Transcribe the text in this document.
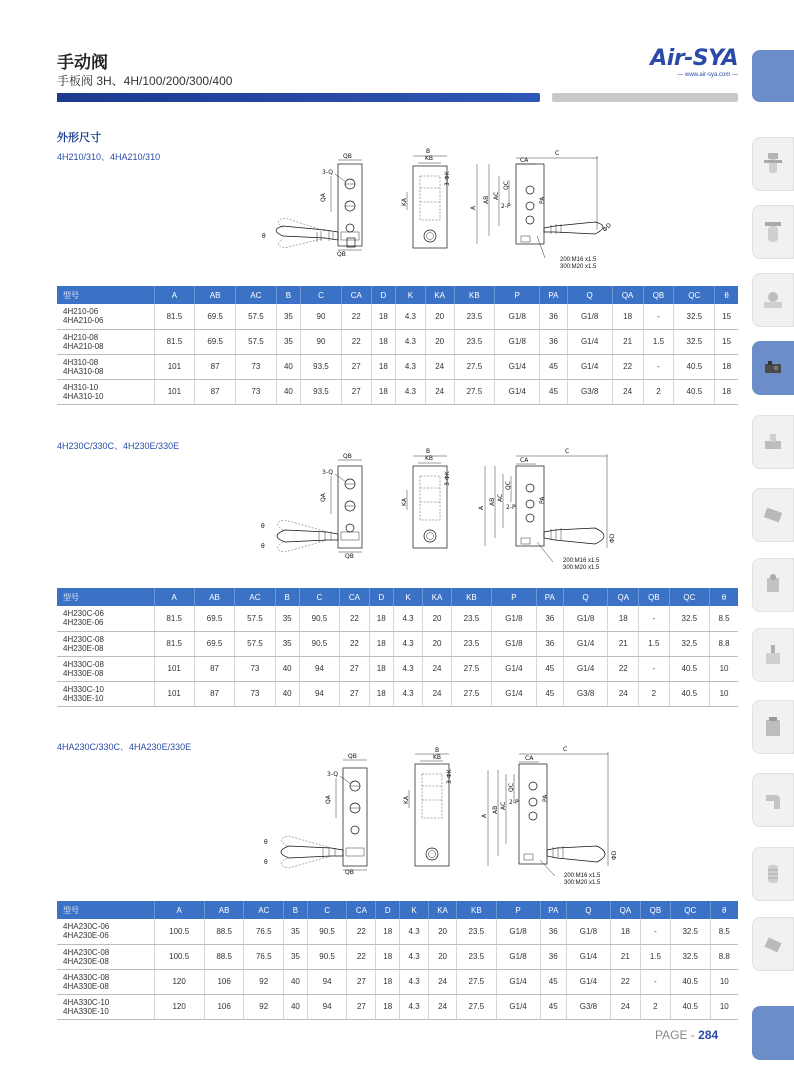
手动阀
手板阀 3H、4H/100/200/300/400
Air-SYA
— www.air-sya.com —
外形尺寸
4H210/310、4HA210/310	QB
3-Q
QA
θ
QB
B
KB
3-ΦK
KA
C
CA
A
AB AC
QC
2-P
PA
ΦD
200:M16 x1.5
300:M20 x1.5
型号	A	AB	AC	B	C	CA	D	K	KA	KB	P	PA	Q	QA	QB	QC	θ

4H210-06
4HA210-06	81.5	69.5	57.5	35	90	22	18	4.3	20	23.5	G1/8	36	G1/8	18	-	32.5	15

4H210-08
4HA210-08	81.5	69.5	57.5	35	90	22	18	4.3	20	23.5	G1/8	36	G1/4	21	1.5	32.5	15

4H310-08
4HA310-08	101	87	73	40	93.5	27	18	4.3	24	27.5	G1/4	45	G1/4	22	-	40.5	18

4H310-10
4HA310-10	101	87	73	40	93.5	27	18	4.3	24	27.5	G1/4	45	G3/8	24	2	40.5	18
4H230C/330C、4H230E/330E
QB
3-Q
QA
θ
θ
QB
B
KB
3-ΦK
KA
C
CA
A
AB AC
QC
2-P
PA
ΦD
200:M16 x1.5
300:M20 x1.5
型号	A	AB	AC	B	C	CA	D	K	KA	KB	P	PA	Q	QA	QB	QC	θ

4H230C-06
4H230E-06	81.5	69.5	57.5	35	90.5	22	18	4.3	20	23.5	G1/8	36	G1/8	18	-	32.5	8.5

4H230C-08
4H230E-08	81.5	69.5	57.5	35	90.5	22	18	4.3	20	23.5	G1/8	36	G1/4	21	1.5	32.5	8.8

4H330C-08
4H330E-08	101	87	73	40	94	27	18	4.3	24	27.5	G1/4	45	G1/4	22	-	40.5	10

4H330C-10
4H330E-10	101	87	73	40	94	27	18	4.3	24	27.5	G1/4	45	G3/8	24	2	40.5	10
4HA230C/330C、4HA230E/330E
QB
3-Q
QA
θ
θ
QB
B
KB
3-ΦK
KA
C
CA
A
AB AC
QC
2-P
PA
ΦD
200:M16 x1.5
300:M20 x1.5
型号	A	AB	AC	B	C	CA	D	K	KA	KB	P	PA	Q	QA	QB	QC	θ

4HA230C-06
4HA230E-06	100.5	88.5	76.5	35	90.5	22	18	4.3	20	23.5	G1/8	36	G1/8	18	-	32.5	8.5

4HA230C-08
4HA230E-08	100.5	88.5	76.5	35	90.5	22	18	4.3	20	23.5	G1/8	36	G1/4	21	1.5	32.5	8.8

4HA330C-08
4HA330E-08	120	106	92	40	94	27	18	4.3	24	27.5	G1/4	45	G1/4	22	-	40.5	10

4HA330C-10
4HA330E-10	120	106	92	40	94	27	18	4.3	24	27.5	G1/4	45	G3/8	24	2	40.5	10
PAGE - 284
